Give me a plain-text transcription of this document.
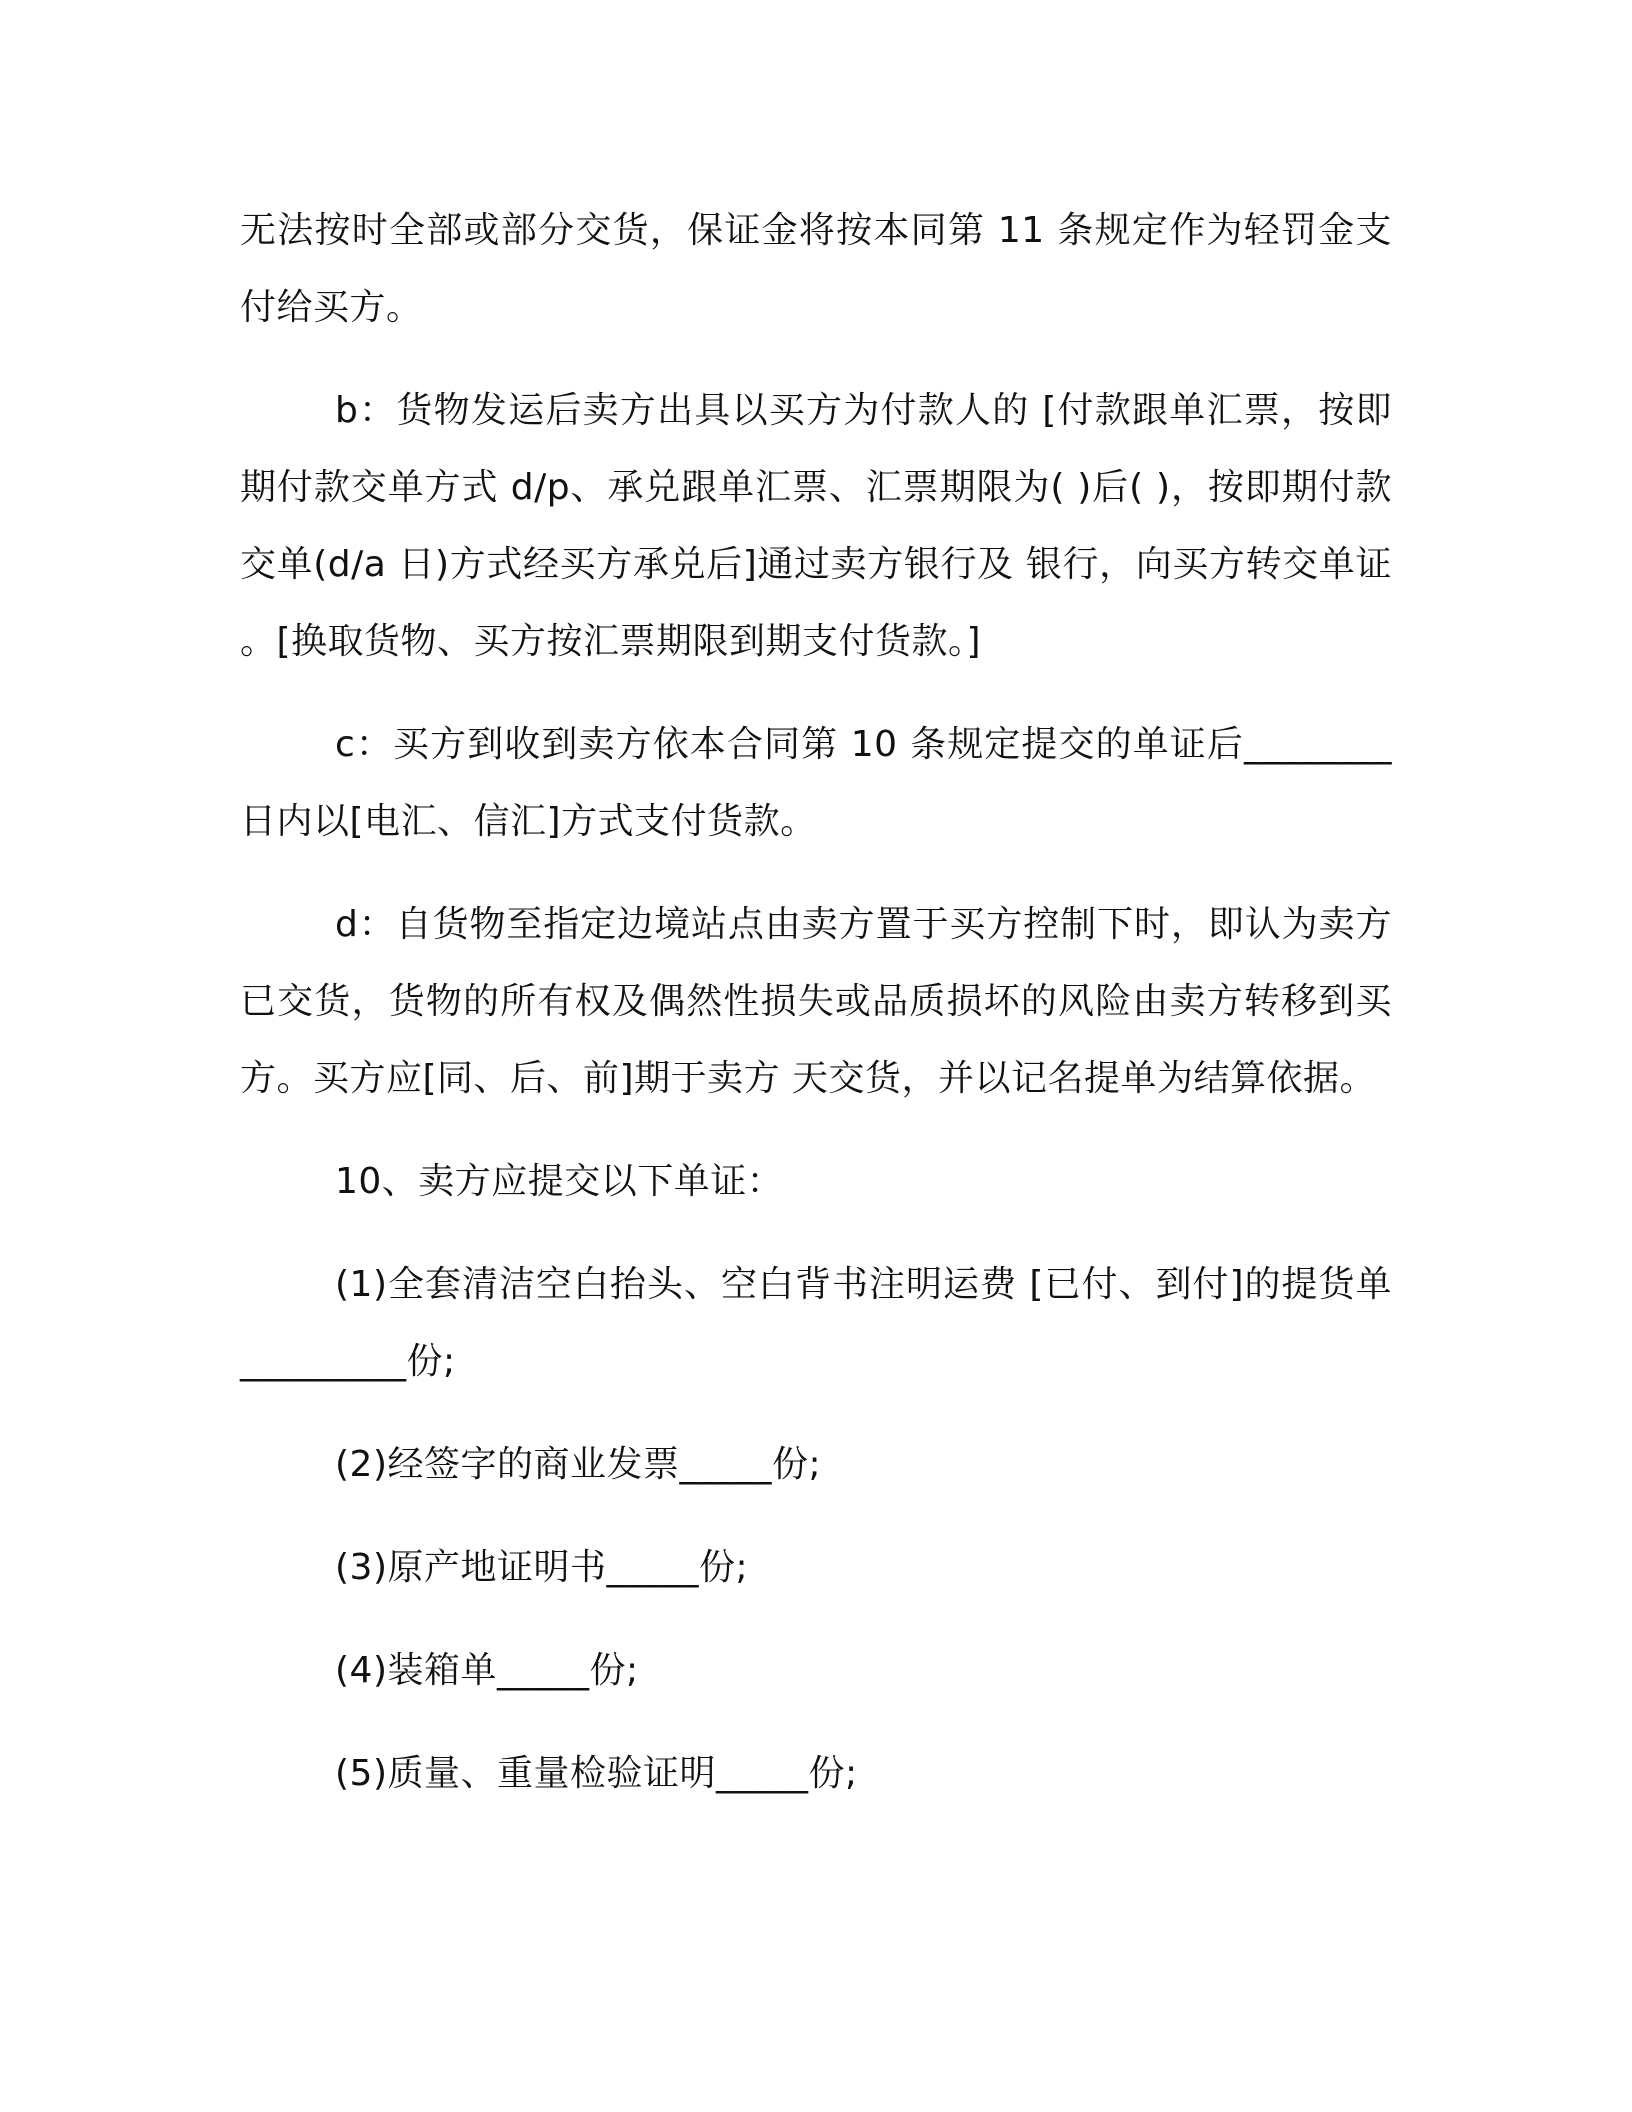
无法按时全部或部分交货，保证金将按本同第 11 条规定作为轻罚金支付给买方。

b：货物发运后卖方出具以买方为付款人的 [付款跟单汇票，按即期付款交单方式 d/p、承兑跟单汇票、汇票期限为( )后( )，按即期付款交单(d/a 日)方式经买方承兑后]通过卖方银行及 银行，向买方转交单证 。[换取货物、买方按汇票期限到期支付货款。]

c：买方到收到卖方依本合同第 10 条规定提交的单证后________日内以[电汇、信汇]方式支付货款。

d：自货物至指定边境站点由卖方置于买方控制下时，即认为卖方已交货，货物的所有权及偶然性损失或品质损坏的风险由卖方转移到买方。买方应[同、后、前]期于卖方 天交货，并以记名提单为结算依据。

10、卖方应提交以下单证：

(1)全套清洁空白抬头、空白背书注明运费 [已付、到付]的提货单_________份;

(2)经签字的商业发票_____份;

(3)原产地证明书_____份;

(4)装箱单_____份;

(5)质量、重量检验证明_____份;
